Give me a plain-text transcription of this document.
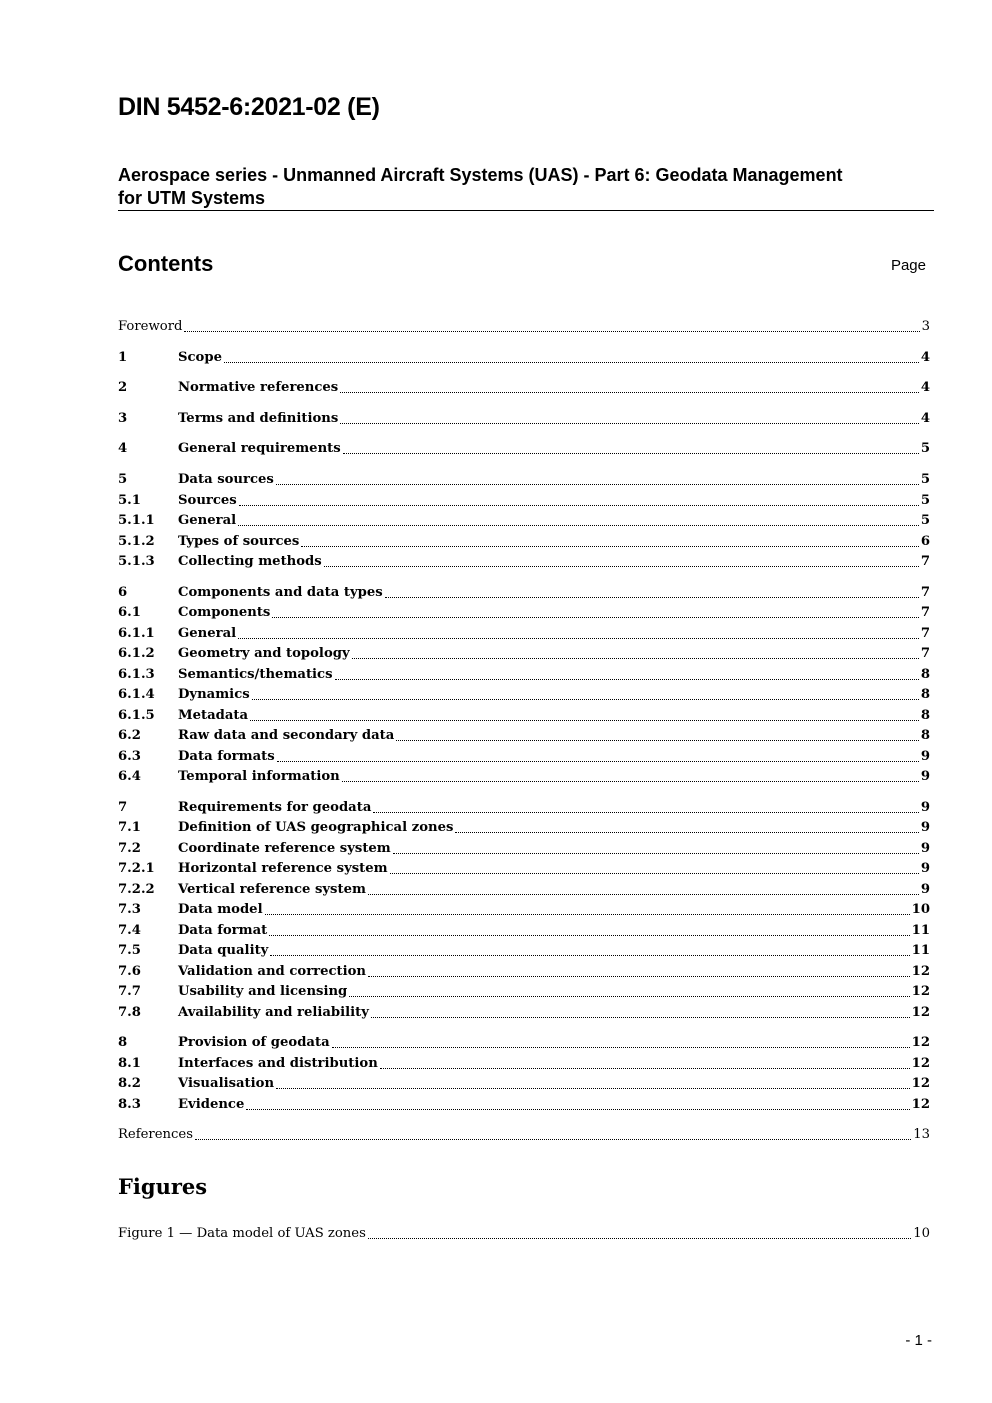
DIN 5452-6:2021-02 (E)
Aerospace series - Unmanned Aircraft Systems (UAS) - Part 6: Geodata Management
for UTM Systems
Contents	Page
Foreword	3
1	Scope	4
2	Normative references	4
3	Terms and definitions	4
4	General requirements	5
5	Data sources	5
5.1	Sources	5
5.1.1	General	5
5.1.2	Types of sources	6
5.1.3	Collecting methods	7
6	Components and data types	7
6.1	Components	7
6.1.1	General	7
6.1.2	Geometry and topology	7
6.1.3	Semantics/thematics	8
6.1.4	Dynamics	8
6.1.5	Metadata	8
6.2	Raw data and secondary data	8
6.3	Data formats	9
6.4	Temporal information	9
7	Requirements for geodata	9
7.1	Definition of UAS geographical zones	9
7.2	Coordinate reference system	9
7.2.1	Horizontal reference system	9
7.2.2	Vertical reference system	9
7.3	Data model	10
7.4	Data format	11
7.5	Data quality	11
7.6	Validation and correction	12
7.7	Usability and licensing	12
7.8	Availability and reliability	12
8	Provision of geodata	12
8.1	Interfaces and distribution	12
8.2	Visualisation	12
8.3	Evidence	12
References	13
Figures
Figure 1 — Data model of UAS zones	10
- 1 -
